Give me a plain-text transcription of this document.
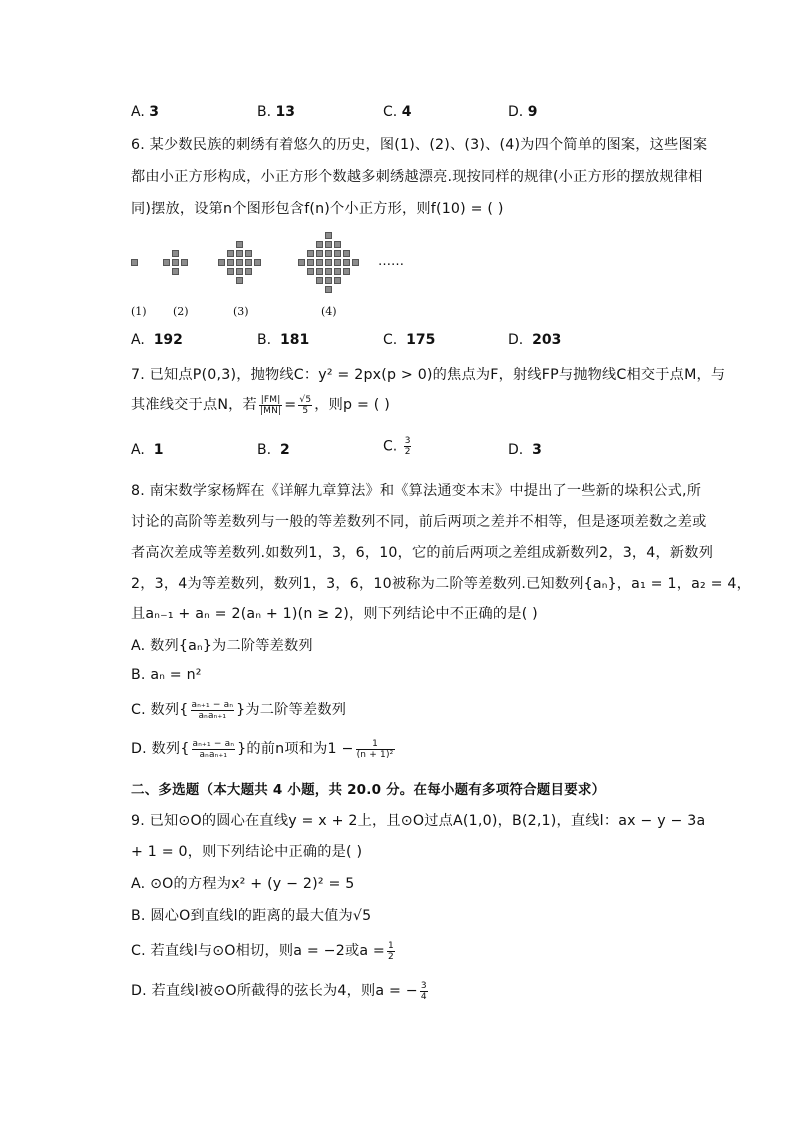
A. 3	B. 13	C. 4	D. 9
6. 某少数民族的刺绣有着悠久的历史，图(1)、(2)、(3)、(4)为四个简单的图案，这些图案
都由小正方形构成，小正方形个数越多刺绣越漂亮.现按同样的规律(小正方形的摆放规律相
同)摆放，设第n个图形包含f(n)个小正方形，则f(10) = ( )
……
(1) (2)	(3)	(4)
A. 192	B. 181	C. 175	D. 203
7. 已知点P(0,3)，抛物线C：y² = 2px(p > 0)的焦点为F，射线FP与抛物线C相交于点M，与
其准线交于点N，若 $\frac{|FM|}{|MN|} = \frac{√5}{5}$ ，则p = ( )
A. 1	B. 2	C. $\frac{3}{2}$	D. 3
8. 南宋数学家杨辉在《详解九章算法》和《算法通变本末》中提出了一些新的垛积公式,所
讨论的高阶等差数列与一般的等差数列不同，前后两项之差并不相等，但是逐项差数之差或
者高次差成等差数列.如数列1，3，6，10，它的前后两项之差组成新数列2，3，4，新数列
2，3，4为等差数列，数列1，3，6，10被称为二阶等差数列.已知数列{aₙ}，a₁ = 1，a₂ = 4，
且aₙ₋₁ + aₙ = 2(aₙ + 1)(n ≥ 2)，则下列结论中不正确的是( )
A. 数列{aₙ}为二阶等差数列
B. aₙ = n²
C. 数列{ $\frac{\text{aₙ₊₁ − aₙ}}{\text{aₙaₙ₊₁}}$ }为二阶等差数列
D. 数列{ $\frac{\text{aₙ₊₁ − aₙ}}{\text{aₙaₙ₊₁}}$ }的前n项和为$1 - \frac{1}{\text{(n + 1)²}}$
二、多选题（本大题共 4 小题，共 20.0 分。在每小题有多项符合题目要求）
9. 已知⊙O的圆心在直线y = x + 2上，且⊙O过点A(1,0)，B(2,1)，直线l：ax − y − 3a
+ 1 = 0，则下列结论中正确的是( )
A. ⊙O的方程为x² + (y − 2)² = 5
B. 圆心O到直线l的距离的最大值为√5
C. 若直线l与⊙O相切，则a = −2或$a = \frac{1}{2}$
D. 若直线l被⊙O所截得的弦长为4，则a = − $\frac{3}{4}$
